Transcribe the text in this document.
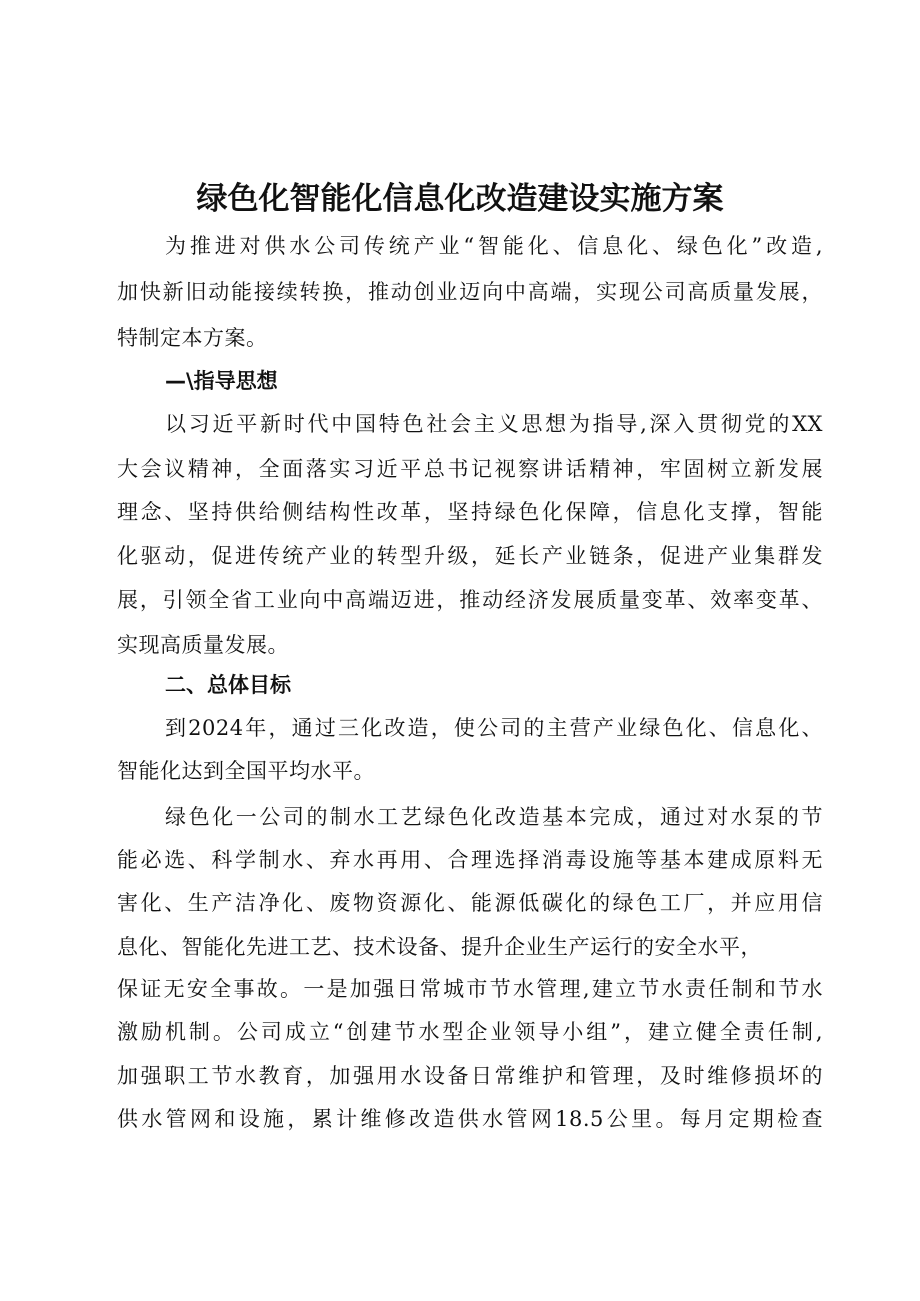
绿色化智能化信息化改造建设实施方案
为推进对供水公司传统产业“智能化、信息化、绿色化”改造,
加快新旧动能接续转换，推动创业迈向中高端，实现公司高质量发展，
特制定本方案。
—\指导思想
以习近平新时代中国特色社会主义思想为指导,深入贯彻党的XX
大会议精神，全面落实习近平总书记视察讲话精神，牢固树立新发展
理念、坚持供给侧结构性改革，坚持绿色化保障，信息化支撑，智能
化驱动，促进传统产业的转型升级，延长产业链条，促进产业集群发
展，引领全省工业向中高端迈进，推动经济发展质量变革、效率变革、
实现高质量发展。
二、总体目标
到2024年，通过三化改造，使公司的主营产业绿色化、信息化、
智能化达到全国平均水平。
绿色化一公司的制水工艺绿色化改造基本完成，通过对水泵的节
能必选、科学制水、弃水再用、合理选择消毒设施等基本建成原料无
害化、生产洁净化、废物资源化、能源低碳化的绿色工厂，并应用信
息化、智能化先进工艺、技术设备、提升企业生产运行的安全水平，
保证无安全事故。一是加强日常城市节水管理,建立节水责任制和节水
激励机制。公司成立“创建节水型企业领导小组”，建立健全责任制,
加强职工节水教育，加强用水设备日常维护和管理，及时维修损坏的
供水管网和设施，累计维修改造供水管网18.5公里。每月定期检查
